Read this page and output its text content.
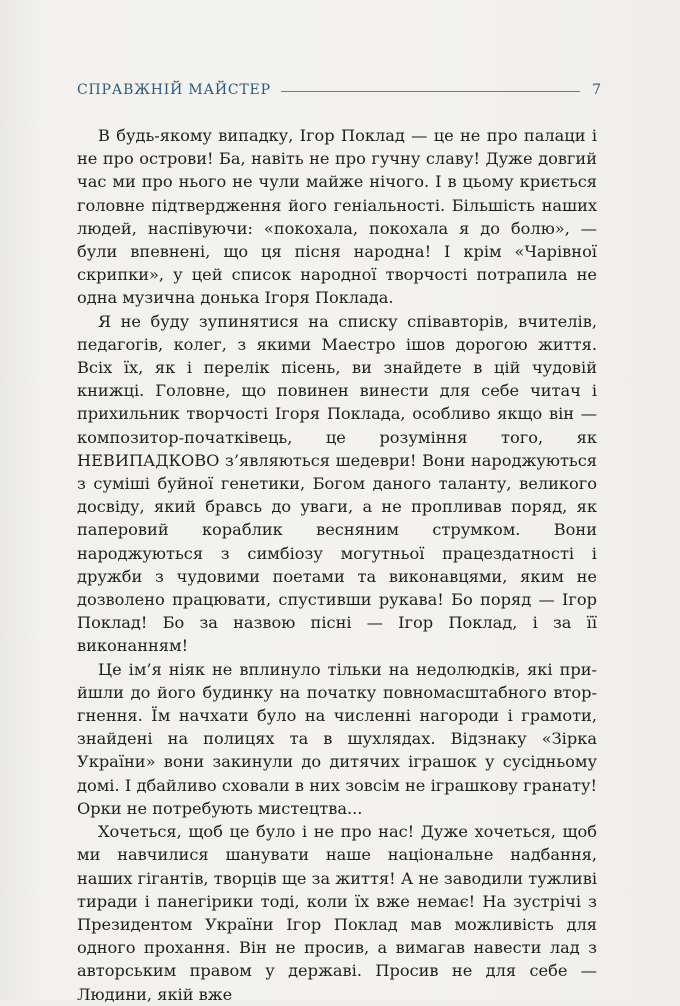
СПРАВЖНІЙ МАЙСТЕР	7

В будь-якому випадку, Ігор Поклад — це не про палаци і не про острови! Ба, навіть не про гучну славу! Дуже довгий час ми про нього не чули майже нічого. І в цьому криється головне підтвердження його геніальності. Більшість наших людей, наспівуючи: «покохала, покохала я до болю», — були впевнені, що ця пісня народна! І крім «Чарівної скрипки», у цей список народної творчості потрапила не одна музична донька Ігоря Поклада.

Я не буду зупинятися на списку співавторів, вчителів, педагогів, колег, з якими Маестро ішов дорогою життя. Всіх їх, як і перелік пісень, ви знайдете в цій чудовій книжці. Головне, що повинен винести для себе читач і прихильник творчості Ігоря Поклада, особливо якщо він — композитор-початківець, це розуміння того, як НЕВИПАДКОВО з’являються шедеври! Вони народжуються з суміші буйної генетики, Богом даного таланту, великого досвіду, який бравсь до уваги, а не пропливав поряд, як паперовий кораблик весняним струмком. Вони народжуються з симбіозу могутньої працездатності і дружби з чудовими поетами та виконавцями, яким не дозволено працювати, спустивши рукава! Бо поряд — Ігор Поклад! Бо за назвою пісні — Ігор Поклад, і за її виконанням!

Це ім’я ніяк не вплинуло тільки на недолюдків, які прийшли до його будинку на початку повномасштабного вторгнення. Їм начхати було на численні нагороди і грамоти, знайдені на полицях та в шухлядах. Відзнаку «Зірка України» вони закинули до дитячих іграшок у сусідньому домі. І дбайливо сховали в них зовсім не іграшкову гранату! Орки не потребують мистецтва...

Хочеться, щоб це було і не про нас! Дуже хочеться, щоб ми навчилися шанувати наше національне надбання, наших гігантів, творців ще за життя! А не заводили тужливі тиради і панегірики тоді, коли їх вже немає! На зустрічі з Президентом України Ігор Поклад мав можливість для одного прохання. Він не просив, а вимагав навести лад з авторським правом у державі. Просив не для себе — Людини, якій вже
